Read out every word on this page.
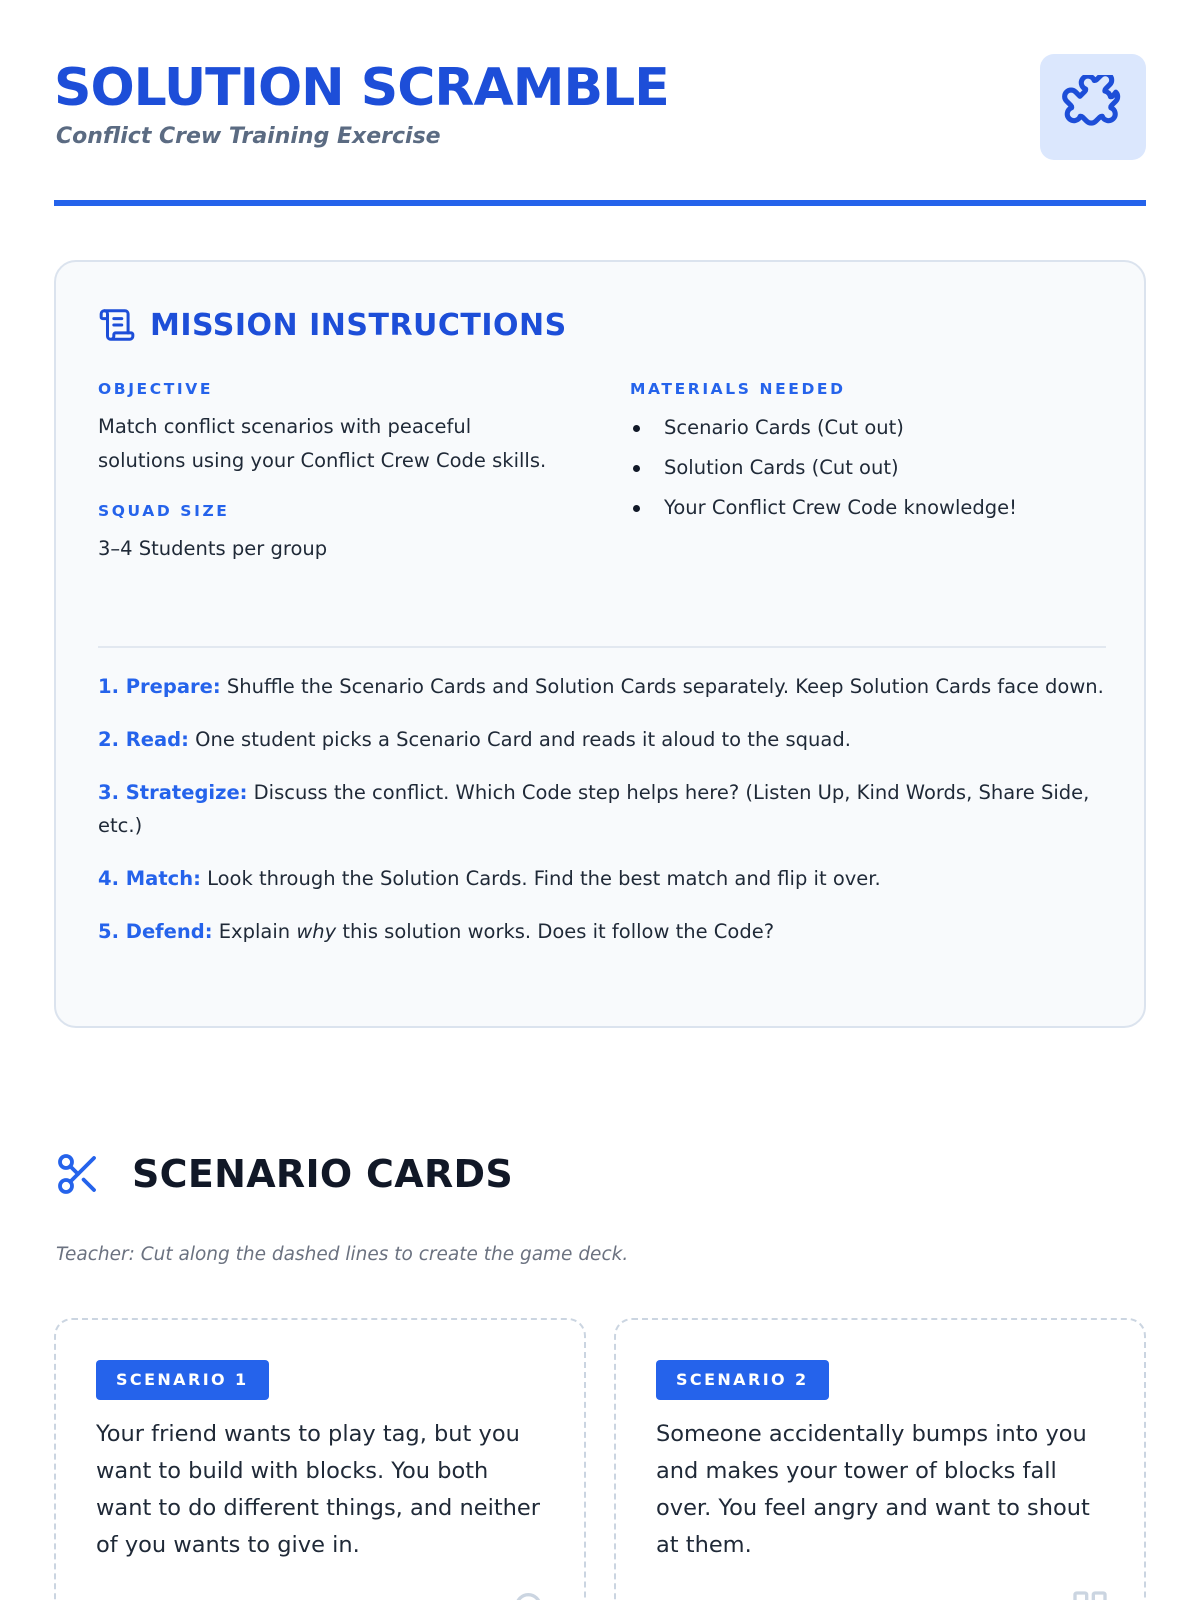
SOLUTION SCRAMBLE
Conflict Crew Training Exercise
MISSION INSTRUCTIONS
OBJECTIVE
Match conflict scenarios with peaceful solutions using your Conflict Crew Code skills.
SQUAD SIZE
3–4 Students per group
MATERIALS NEEDED
Scenario Cards (Cut out)
Solution Cards (Cut out)
Your Conflict Crew Code knowledge!

1. Prepare: Shuffle the Scenario Cards and Solution Cards separately. Keep Solution Cards face down.

2. Read: One student picks a Scenario Card and reads it aloud to the squad.

3. Strategize: Discuss the conflict. Which Code step helps here? (Listen Up, Kind Words, Share Side, etc.)

4. Match: Look through the Solution Cards. Find the best match and flip it over.

5. Defend: Explain why this solution works. Does it follow the Code?

SCENARIO CARDS
Teacher: Cut along the dashed lines to create the game deck.
SCENARIO 1
Your friend wants to play tag, but you want to build with blocks. You both want to do different things, and neither of you wants to give in.
SCENARIO 2
Someone accidentally bumps into you and makes your tower of blocks fall over. You feel angry and want to shout at them.
